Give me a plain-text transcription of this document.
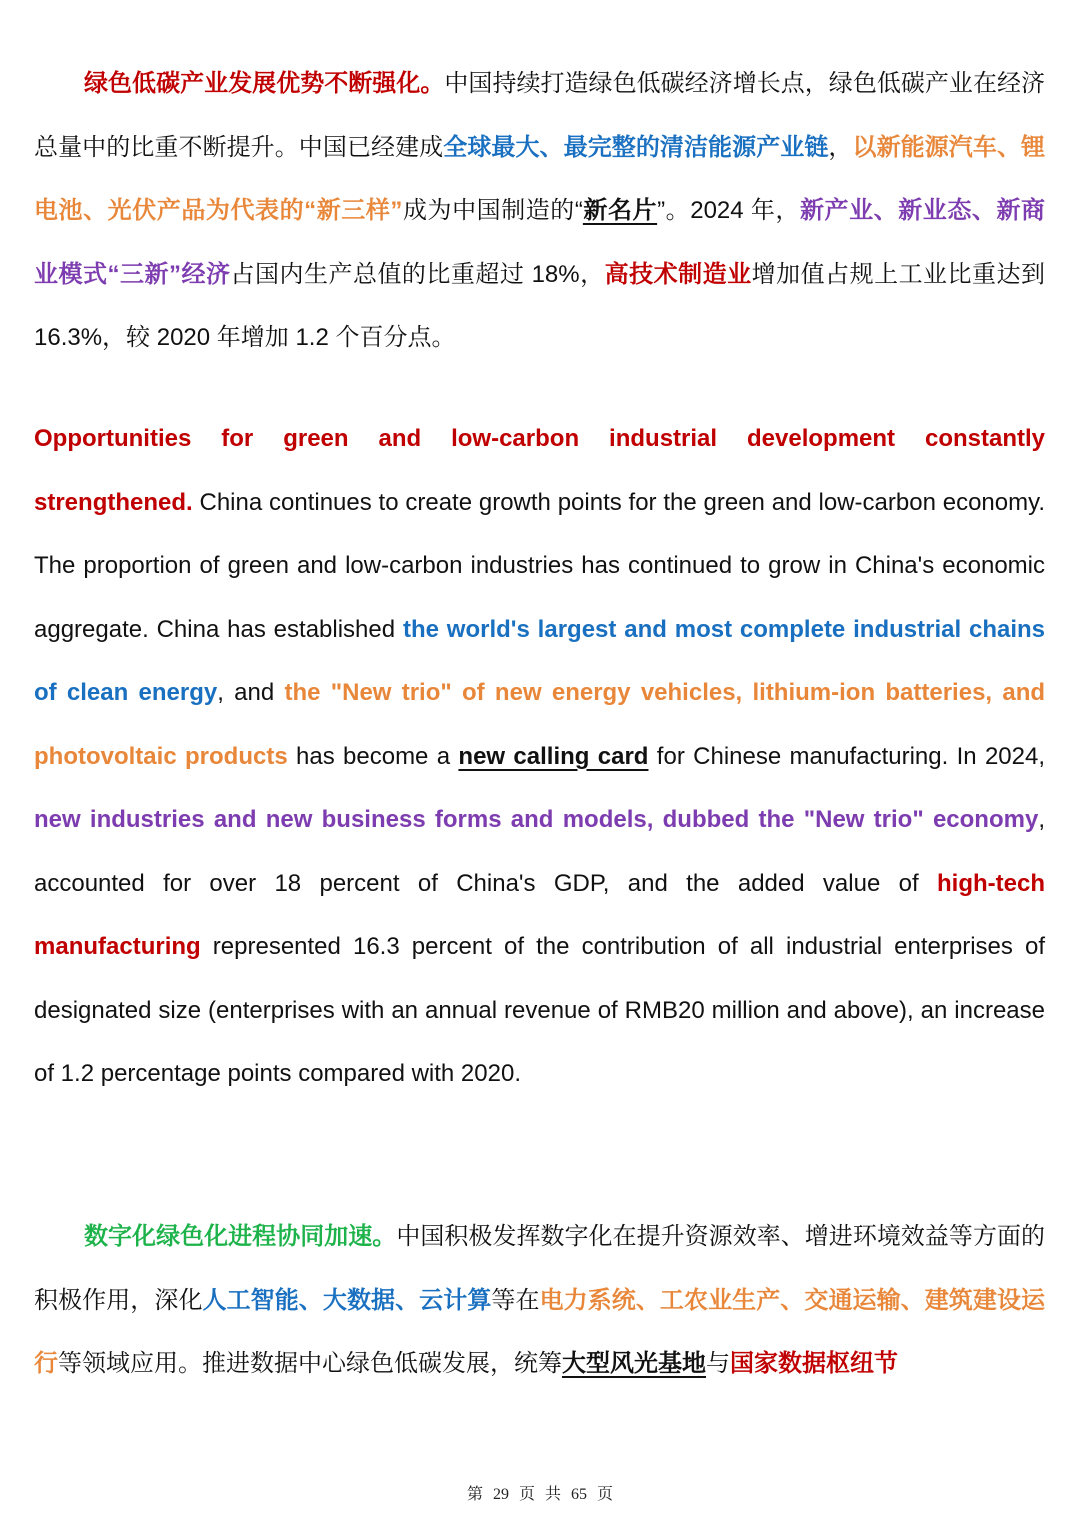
绿色低碳产业发展优势不断强化。中国持续打造绿色低碳经济增长点，绿色低碳产业在经济总量中的比重不断提升。中国已经建成全球最大、最完整的清洁能源产业链，以新能源汽车、锂电池、光伏产品为代表的“新三样”成为中国制造的“新名片”。2024 年，新产业、新业态、新商业模式“三新”经济占国内生产总值的比重超过 18%，高技术制造业增加值占规上工业比重达到 16.3%，较 2020 年增加 1.2 个百分点。

Opportunities for green and low-carbon industrial development constantly strengthened. China continues to create growth points for the green and low-carbon economy. The proportion of green and low-carbon industries has continued to grow in China's economic aggregate. China has established the world's largest and most complete industrial chains of clean energy, and the "New trio" of new energy vehicles, lithium-ion batteries, and photovoltaic products has become a new calling card for Chinese manufacturing. In 2024, new industries and new business forms and models, dubbed the "New trio" economy, accounted for over 18 percent of China's GDP, and the added value of high-tech manufacturing represented 16.3 percent of the contribution of all industrial enterprises of designated size (enterprises with an annual revenue of RMB20 million and above), an increase of 1.2 percentage points compared with 2020.

数字化绿色化进程协同加速。中国积极发挥数字化在提升资源效率、增进环境效益等方面的积极作用，深化人工智能、大数据、云计算等在电力系统、工农业生产、交通运输、建筑建设运行等领域应用。推进数据中心绿色低碳发展，统筹大型风光基地与国家数据枢纽节

第 29 页 共 65 页
